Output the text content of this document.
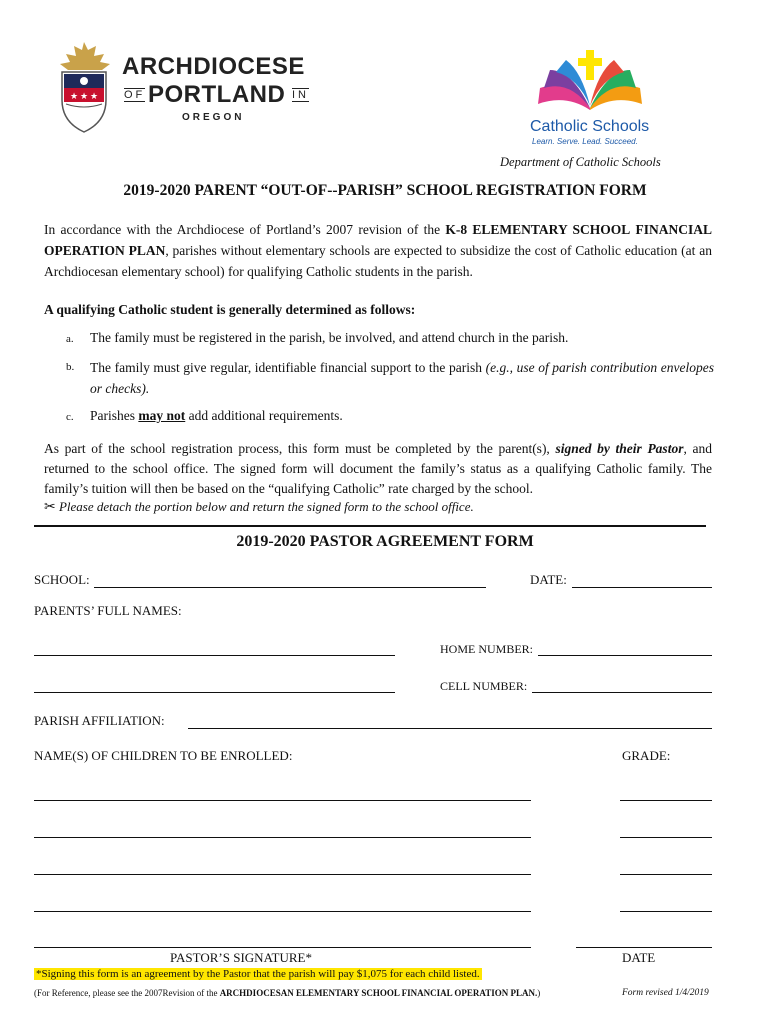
★ ★ ★
ARCHDIOCESE
OF PORTLAND IN
OREGON
Catholic Schools
Learn. Serve. Lead. Succeed.
Department of Catholic Schools
2019-2020 PARENT “OUT-OF--PARISH” SCHOOL REGISTRATION FORM
In accordance with the Archdiocese of Portland’s 2007 revision of the K-8 ELEMENTARY SCHOOL FINANCIAL OPERATION PLAN, parishes without elementary schools are expected to subsidize the cost of Catholic education (at an Archdiocesan elementary school) for qualifying Catholic students in the parish.
A qualifying Catholic student is generally determined as follows:
a. The family must be registered in the parish, be involved, and attend church in the parish.
b.	The family must give regular, identifiable financial support to the parish (e.g., use of parish contribution envelopes or checks).
c. Parishes may not add additional requirements.
As part of the school registration process, this form must be completed by the parent(s), signed by their Pastor, and returned to the school office. The signed form will document the family’s status as a qualifying Catholic family. The family’s tuition will then be based on the “qualifying Catholic” rate charged by the school.
✂ Please detach the portion below and return the signed form to the school office.
2019-2020 PASTOR AGREEMENT FORM
SCHOOL:	DATE:
PARENTS’ FULL NAMES:
HOME NUMBER:
CELL NUMBER:
PARISH AFFILIATION:
NAME(S) OF CHILDREN TO BE ENROLLED:	GRADE:
PASTOR’S SIGNATURE*	DATE
*Signing this form is an agreement by the Pastor that the parish will pay $1,075 for each child listed.
(For Reference, please see the 2007Revision of the ARCHDIOCESAN ELEMENTARY SCHOOL FINANCIAL OPERATION PLAN.)	Form revised 1/4/2019
